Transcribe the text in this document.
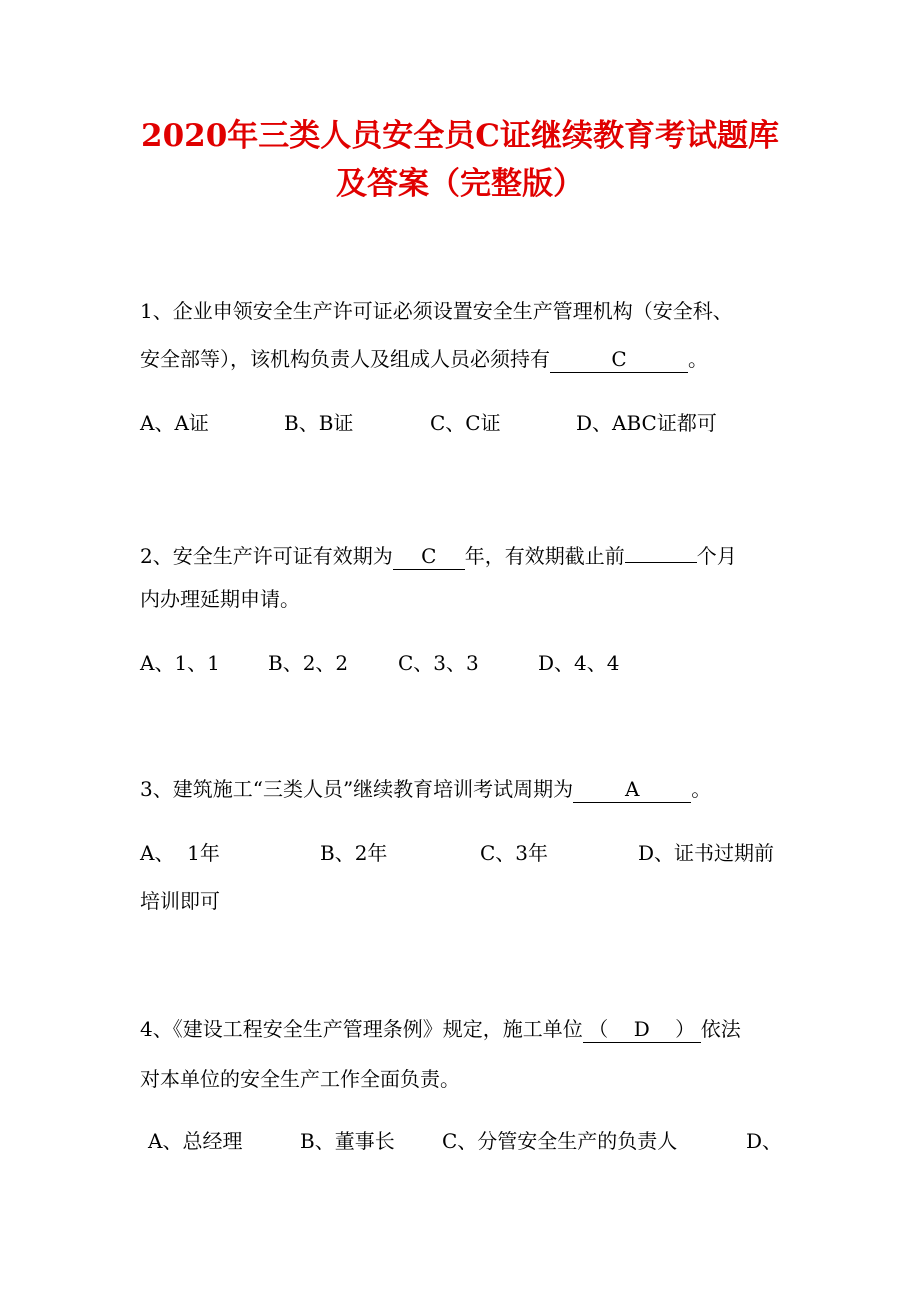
2020年三类人员安全员C证继续教育考试题库
及答案（完整版）
1、企业申领安全生产许可证必须设置安全生产管理机构（安全科、
安全部等），该机构负责人及组成人员必须持有	C	。
A、A证	B、B证	C、C证	D、ABC证都可
2、安全生产许可证有效期为 C 年，有效期截止前	个月
内办理延期申请。
A、1、1 B、2、2 C、3、3	D、4、4
3、建筑施工“三类人员”继续教育培训考试周期为	A	。
A、  1年	B、2年	C、3年	D、证书过期前
培训即可
4、《建设工程安全生产管理条例》规定，施工单位 （    D    ） 依法
对本单位的安全生产工作全面负责。
A、总经理	B、董事长 C、分管安全生产的负责人	D、
